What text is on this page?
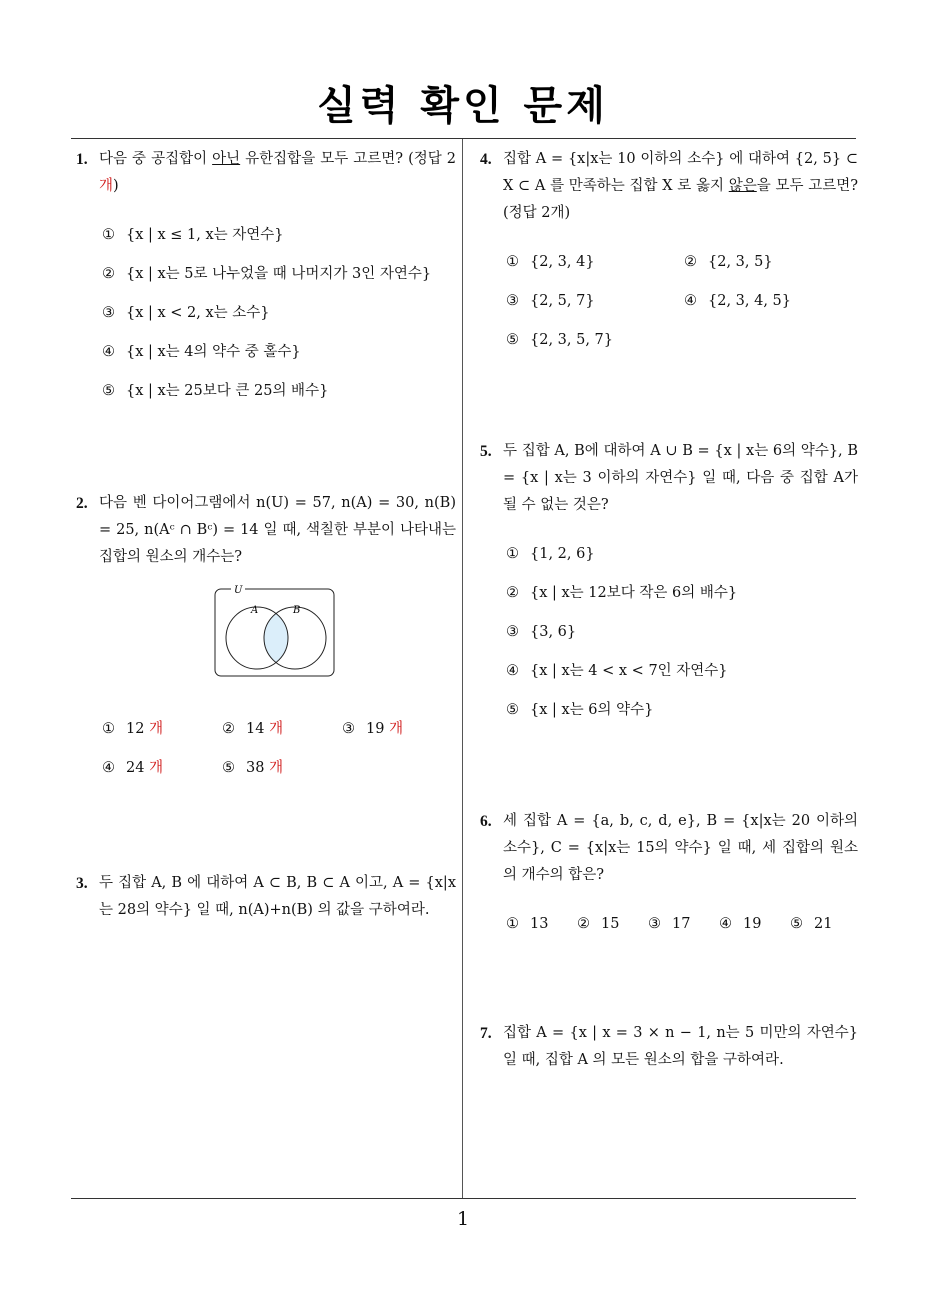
실력 확인 문제
1
1. 다음 중 공집합이 아닌 유한집합을 모두 고르면? (정답 2개)
① {x | x ≤ 1, x는 자연수}
② {x | x는 5로 나누었을 때 나머지가 3인 자연수}
③ {x | x < 2, x는 소수}
④ {x | x는 4의 약수 중 홀수}
⑤ {x | x는 25보다 큰 25의 배수}
2. 다음 벤 다이어그램에서 n(U) = 57, n(A) = 30, n(B) = 25, n(Aᶜ ∩ Bᶜ) = 14 일 때, 색칠한 부분이 나타내는 집합의 원소의 개수는?
U
A	B
① 12 개	② 14 개	③ 19 개
④ 24 개	⑤ 38 개
3. 두 집합 A, B 에 대하여 A ⊂ B, B ⊂ A 이고, A = {x|x는 28의 약수} 일 때, n(A)+n(B) 의 값을 구하여라.
4. 집합 A = {x|x는 10 이하의 소수} 에 대하여 {2, 5} ⊂ X ⊂ A 를 만족하는 집합 X 로 옳지 않은을 모두 고르면?(정답 2개)
① {2, 3, 4}	② {2, 3, 5}
③ {2, 5, 7}	④ {2, 3, 4, 5}
⑤ {2, 3, 5, 7}
5. 두 집합 A, B에 대하여 A ∪ B = {x | x는 6의 약수}, B = {x | x는 3 이하의 자연수} 일 때, 다음 중 집합 A가 될 수 없는 것은?
① {1, 2, 6}
② {x | x는 12보다 작은 6의 배수}
③ {3, 6}
④ {x | x는 4 < x < 7인 자연수}
⑤ {x | x는 6의 약수}
6. 세 집합 A = {a, b, c, d, e}, B = {x|x는 20 이하의 소수}, C = {x|x는 15의 약수} 일 때, 세 집합의 원소의 개수의 합은?
① 13	② 15	③ 17	④ 19	⑤ 21
7. 집합 A = {x | x = 3 × n − 1, n는 5 미만의 자연수} 일 때, 집합 A 의 모든 원소의 합을 구하여라.
